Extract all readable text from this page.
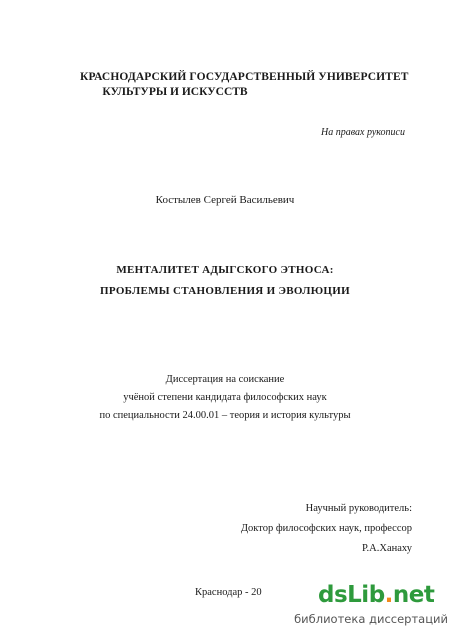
КРАСНОДАРСКИЙ ГОСУДАРСТВЕННЫЙ УНИВЕРСИТЕТ
КУЛЬТУРЫ И ИСКУССТВ
На правах рукописи
Костылев Сергей Васильевич
МЕНТАЛИТЕТ АДЫГСКОГО ЭТНОСА:
ПРОБЛЕМЫ СТАНОВЛЕНИЯ И ЭВОЛЮЦИИ
Диссертация на соискание
учёной степени кандидата философских наук
по специальности 24.00.01 – теория и история культуры
Научный руководитель:
Доктор философских наук, профессор
Р.А.Ханаху
Краснодар - 20 dsLib.net
библиотека диссертаций
